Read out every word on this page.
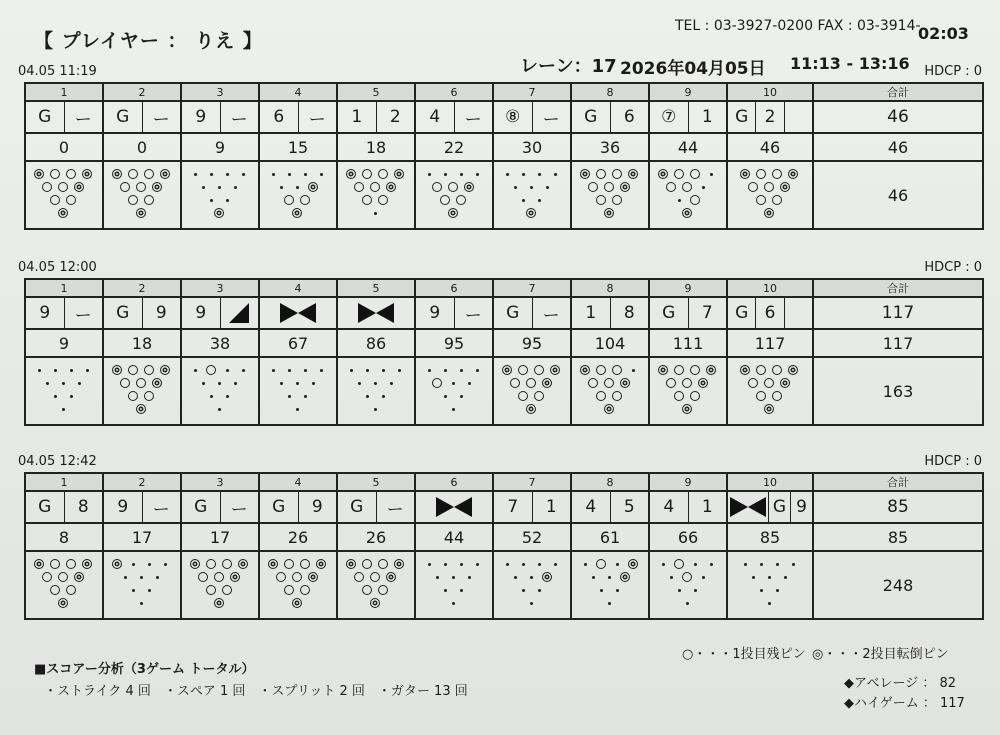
【 プレイヤー ： りえ 】
TEL : 03-3927-0200 FAX : 03-3914-
02:03
レーン：17 2026年04月05日 11:13 - 13:16
04.05 11:19	HDCP : 0
1	2	3	4	5	6	7	8	9	10	合計

G ー	G ー	9 ー	6 ー	1 2	4 ー	⑧ ー	G 6	⑦ 1	G 2	46
0	0	9	15	18	22	30	36	44	46	46

	46
04.05 12:00	HDCP : 0
1	2	3	4	5	6	7	8	9	10	合計

9 ー	G 9	9			9 ー	G ー	1 8	G 7	G 6	117
9	18	38	67	86	95	95	104	111	117	117

	163
04.05 12:42	HDCP : 0
1	2	3	4	5	6	7	8	9	10	合計

G 8	9 ー	G ー	G 9	G ー		7 1	4 5	4 1	G 9	85
8	17	17	26	26	44	52	61	66	85	85

	248
○・・・1投目残ピン ◎・・・2投目転倒ピン
■スコアー分析（3ゲーム トータル）
・ストライク 4 回　・スペア 1 回　・スプリット 2 回　・ガター 13 回
◆アベレージ ： 82
◆ハイゲーム ： 117
